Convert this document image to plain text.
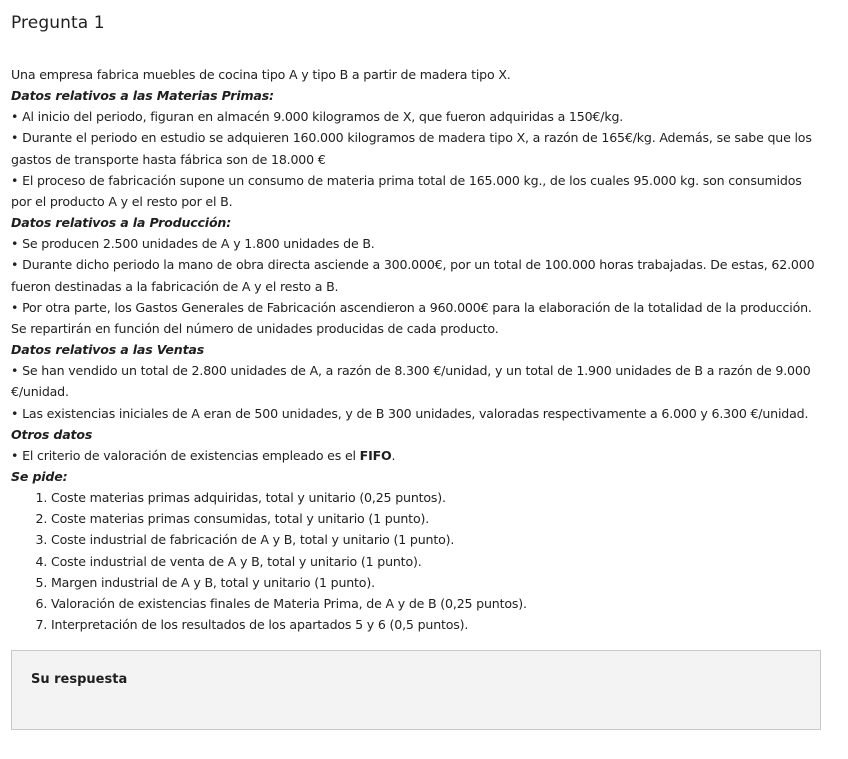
Pregunta 1

Una empresa fabrica muebles de cocina tipo A y tipo B a partir de madera tipo X.

Datos relativos a las Materias Primas:

• Al inicio del periodo, figuran en almacén 9.000 kilogramos de X, que fueron adquiridas a 150€/kg.

• Durante el periodo en estudio se adquieren 160.000 kilogramos de madera tipo X, a razón de 165€/kg. Además, se sabe que los gastos de transporte hasta fábrica son de 18.000 €

• El proceso de fabricación supone un consumo de materia prima total de 165.000 kg., de los cuales 95.000 kg. son consumidos por el producto A y el resto por el B.

Datos relativos a la Producción:

• Se producen 2.500 unidades de A y 1.800 unidades de B.

• Durante dicho periodo la mano de obra directa asciende a 300.000€, por un total de 100.000 horas trabajadas. De estas, 62.000 fueron destinadas a la fabricación de A y el resto a B.

• Por otra parte, los Gastos Generales de Fabricación ascendieron a 960.000€ para la elaboración de la totalidad de la producción. Se repartirán en función del número de unidades producidas de cada producto.

Datos relativos a las Ventas

• Se han vendido un total de 2.800 unidades de A, a razón de 8.300 €/unidad, y un total de 1.900 unidades de B a razón de 9.000 €/unidad.

• Las existencias iniciales de A eran de 500 unidades, y de B 300 unidades, valoradas respectivamente a 6.000 y 6.300 €/unidad.

Otros datos

• El criterio de valoración de existencias empleado es el FIFO.

Se pide:

1. Coste materias primas adquiridas, total y unitario (0,25 puntos).
2. Coste materias primas consumidas, total y unitario (1 punto).
3. Coste industrial de fabricación de A y B, total y unitario (1 punto).
4. Coste industrial de venta de A y B, total y unitario (1 punto).
5. Margen industrial de A y B, total y unitario (1 punto).
6. Valoración de existencias finales de Materia Prima, de A y de B (0,25 puntos).
7. Interpretación de los resultados de los apartados 5 y 6 (0,5 puntos).
Su respuesta
